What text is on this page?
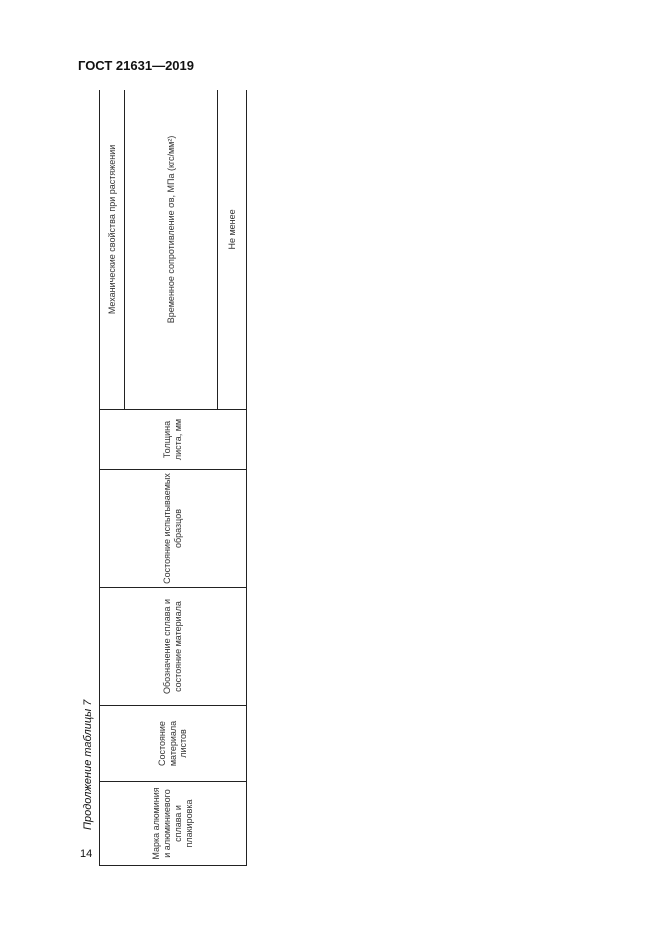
ГОСТ 21631—2019
Продолжение таблицы 7
14	Марка алюминия и алюминиевого сплава и плакировка	Состояние материала листов	Обозначение сплава и состояние материала	Состояние испытываемых образцов	Толщина листа, мм	Механические свойства при растяжении
Временное сопротивление σв, МПа (кгс/мм²)
Не менее
